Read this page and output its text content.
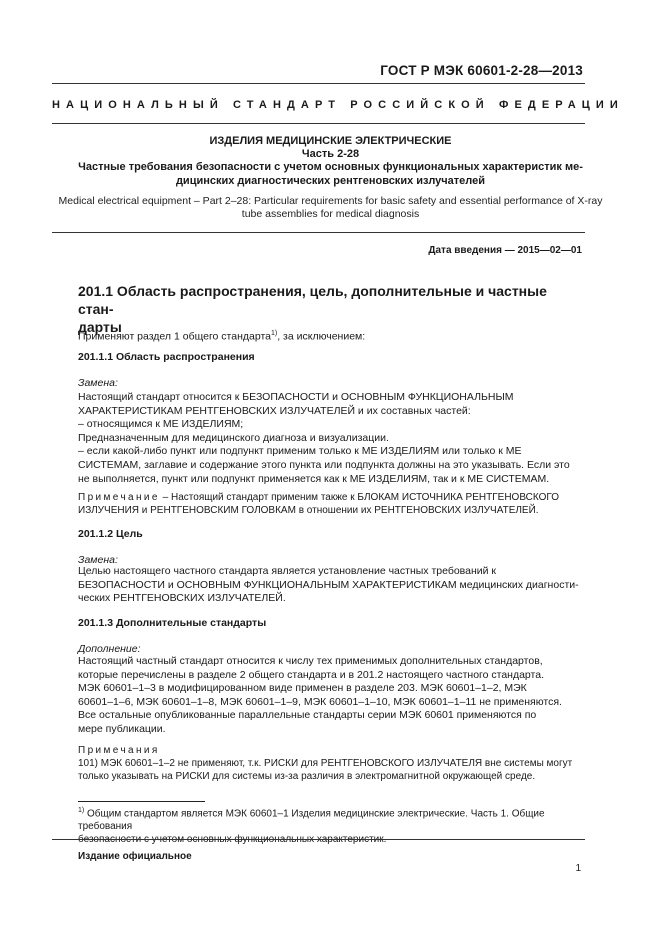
ГОСТ Р МЭК 60601-2-28—2013
НАЦИОНАЛЬНЫЙ СТАНДАРТ РОССИЙСКОЙ ФЕДЕРАЦИИ
ИЗДЕЛИЯ МЕДИЦИНСКИЕ ЭЛЕКТРИЧЕСКИЕ
Часть 2-28
Частные требования безопасности с учетом основных функциональных характеристик ме-
дицинских диагностических рентгеновских излучателей
Medical electrical equipment – Part 2–28: Particular requirements for basic safety and essential performance of X-ray
tube assemblies for medical diagnosis
Дата введения — 2015—02—01
201.1 Область распространения, цель, дополнительные и частные стан-
дарты
Применяют раздел 1 общего стандарта$^{1)}$, за исключением:
201.1.1 Область распространения
Замена:
Настоящий стандарт относится к БЕЗОПАСНОСТИ и ОСНОВНЫМ ФУНКЦИОНАЛЬНЫМ
ХАРАКТЕРИСТИКАМ РЕНТГЕНОВСКИХ ИЗЛУЧАТЕЛЕЙ и их составных частей:
– относящимся к МЕ ИЗДЕЛИЯМ;
Предназначенным для медицинского диагноза и визуализации.
– если какой-либо пункт или подпункт применим только к МЕ ИЗДЕЛИЯМ или только к МЕ
СИСТЕМАМ, заглавие и содержание этого пункта или подпункта должны на это указывать. Если это
не выполняется, пункт или подпункт применяется как к МЕ ИЗДЕЛИЯМ, так и к МЕ СИСТЕМАМ.
Примечание – Настоящий стандарт применим также к БЛОКАМ ИСТОЧНИКА РЕНТГЕНОВСКОГО
ИЗЛУЧЕНИЯ и РЕНТГЕНОВСКИМ ГОЛОВКАМ в отношении их РЕНТГЕНОВСКИХ ИЗЛУЧАТЕЛЕЙ.
201.1.2 Цель
Замена:
Целью настоящего частного стандарта является установление частных требований к
БЕЗОПАСНОСТИ и ОСНОВНЫМ ФУНКЦИОНАЛЬНЫМ ХАРАКТЕРИСТИКАМ медицинских диагности-
ческих РЕНТГЕНОВСКИХ ИЗЛУЧАТЕЛЕЙ.
201.1.3 Дополнительные стандарты
Дополнение:
Настоящий частный стандарт относится к числу тех применимых дополнительных стандартов,
которые перечислены в разделе 2 общего стандарта и в 201.2 настоящего частного стандарта.
МЭК 60601–1–3 в модифицированном виде применен в разделе 203. МЭК 60601–1–2, МЭК
60601–1–6, МЭК 60601–1–8, МЭК 60601–1–9, МЭК 60601–1–10, МЭК 60601–1–11 не применяются.
Все остальные опубликованные параллельные стандарты серии МЭК 60601 применяются по
мере публикации.
Примечания
101) МЭК 60601–1–2 не применяют, т.к. РИСКИ для РЕНТГЕНОВСКОГО ИЗЛУЧАТЕЛЯ вне системы могут
только указывать на РИСКИ для системы из-за различия в электромагнитной окружающей среде.
$^{1)}$ Общим стандартом является МЭК 60601–1 Изделия медицинские электрические. Часть 1. Общие требования
безопасности с учетом основных функциональных характеристик.
Издание официальное
1
